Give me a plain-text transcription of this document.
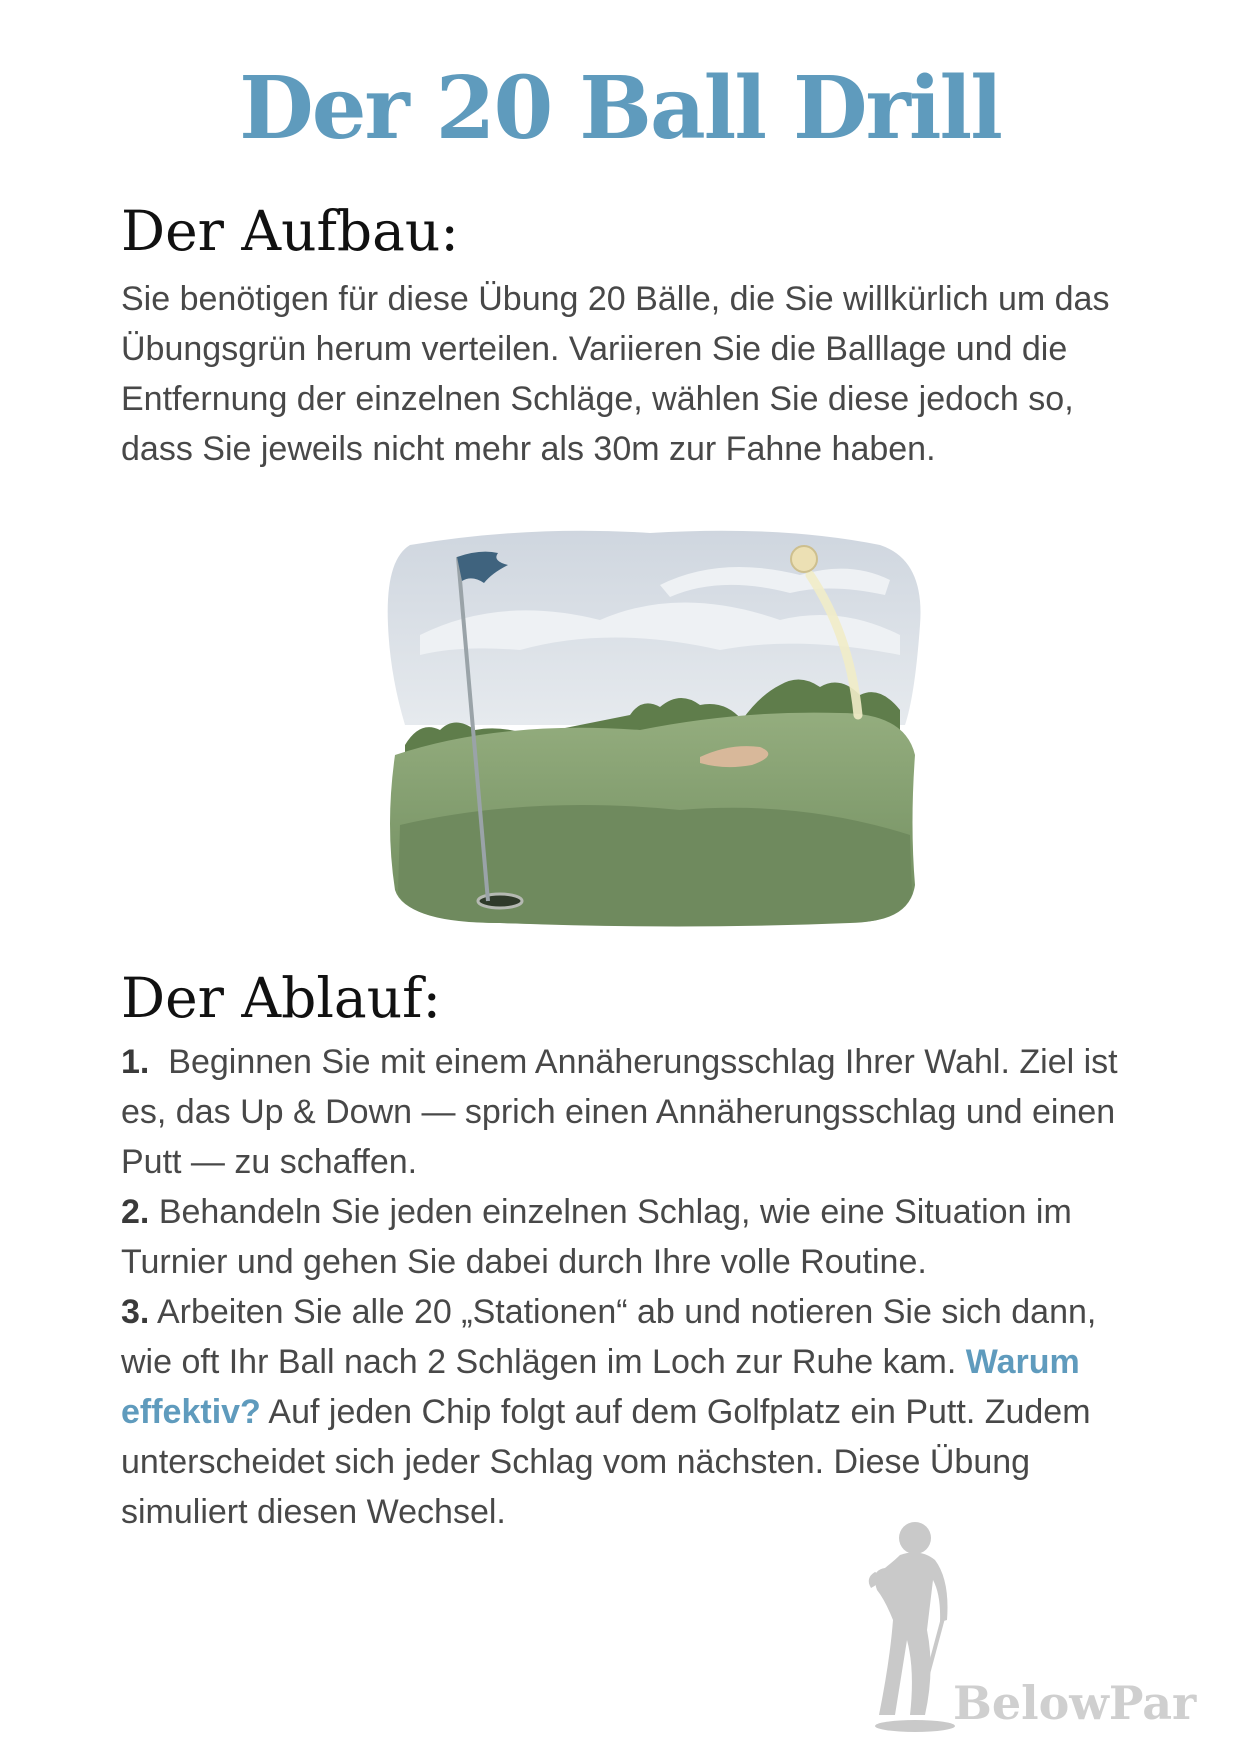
Der 20 Ball Drill
Der Aufbau:

Sie benötigen für diese Übung 20 Bälle, die Sie willkürlich um das Übungsgrün herum verteilen. Variieren Sie die Balllage und die Entfernung der einzelnen Schläge, wählen Sie diese jedoch so, dass Sie jeweils nicht mehr als 30m zur Fahne haben.

Der Ablauf:

1. Beginnen Sie mit einem Annäherungsschlag Ihrer Wahl. Ziel ist es, das Up & Down — sprich einen Annäherungsschlag und einen Putt — zu schaffen.
2. Behandeln Sie jeden einzelnen Schlag, wie eine Situation im Turnier und gehen Sie dabei durch Ihre volle Routine.
3. Arbeiten Sie alle 20 „Stationen“ ab und notieren Sie sich dann, wie oft Ihr Ball nach 2 Schlägen im Loch zur Ruhe kam. Warum effektiv? Auf jeden Chip folgt auf dem Golfplatz ein Putt. Zudem unterscheidet sich jeder Schlag vom nächsten. Diese Übung simuliert diesen Wechsel.

BelowPar
